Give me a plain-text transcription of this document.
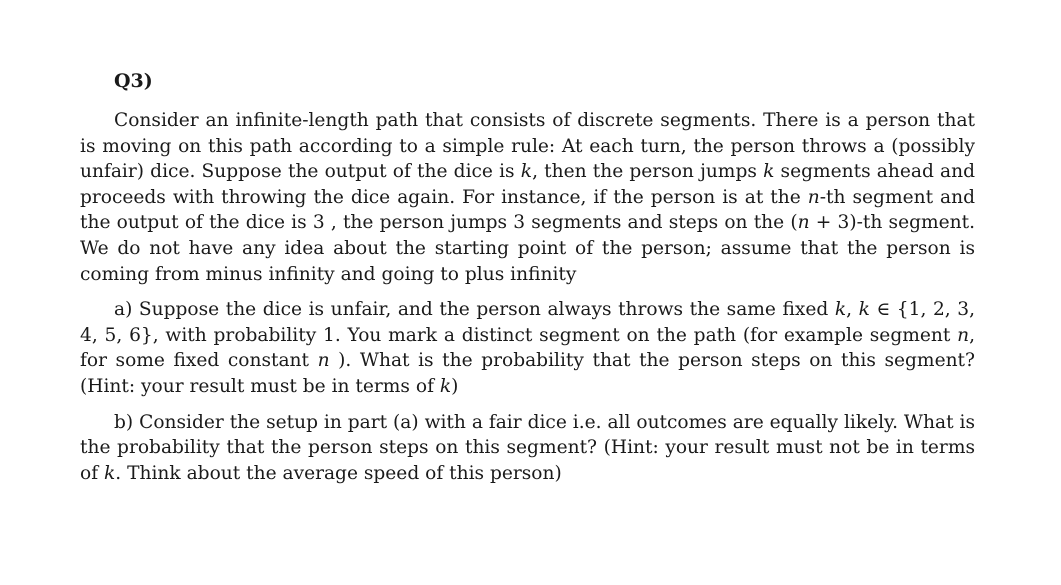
Q3)

Consider an infinite-length path that consists of discrete segments. There is a person that is moving on this path according to a simple rule: At each turn, the person throws a (possibly unfair) dice. Suppose the output of the dice is k, then the person jumps k segments ahead and proceeds with throwing the dice again. For instance, if the person is at the n-th segment and the output of the dice is 3 , the person jumps 3 segments and steps on the (n + 3)-th segment. We do not have any idea about the starting point of the person; assume that the person is coming from minus infinity and going to plus infinity

a) Suppose the dice is unfair, and the person always throws the same fixed k, k ∈ {1, 2, 3, 4, 5, 6}, with probability 1. You mark a distinct segment on the path (for example segment n, for some fixed constant n ). What is the probability that the person steps on this segment? (Hint: your result must be in terms of k)

b) Consider the setup in part (a) with a fair dice i.e. all outcomes are equally likely. What is the probability that the person steps on this segment? (Hint: your result must not be in terms of k. Think about the average speed of this person)
